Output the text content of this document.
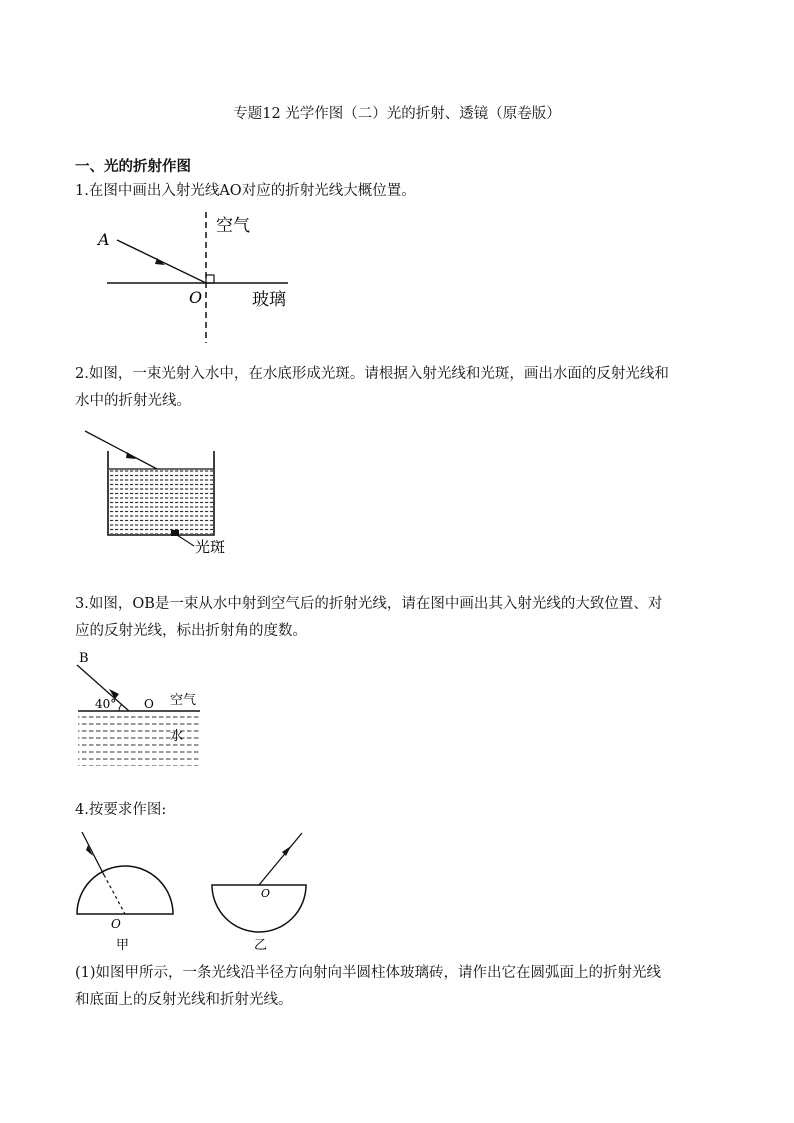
专题12 光学作图（二）光的折射、透镜（原卷版）
一、光的折射作图
1.在图中画出入射光线AO对应的折射光线大概位置。
空气
玻璃
A
O
2.如图，一束光射入水中，在水底形成光斑。请根据入射光线和光斑，画出水面的反射光线和
水中的折射光线。
光斑
3.如图，OB是一束从水中射到空气后的折射光线，请在图中画出其入射光线的大致位置、对
应的反射光线，标出折射角的度数。
B
40° O 空气
水
4.按要求作图:
O
甲
O
乙
(1)如图甲所示，一条光线沿半径方向射向半圆柱体玻璃砖，请作出它在圆弧面上的折射光线
和底面上的反射光线和折射光线。
